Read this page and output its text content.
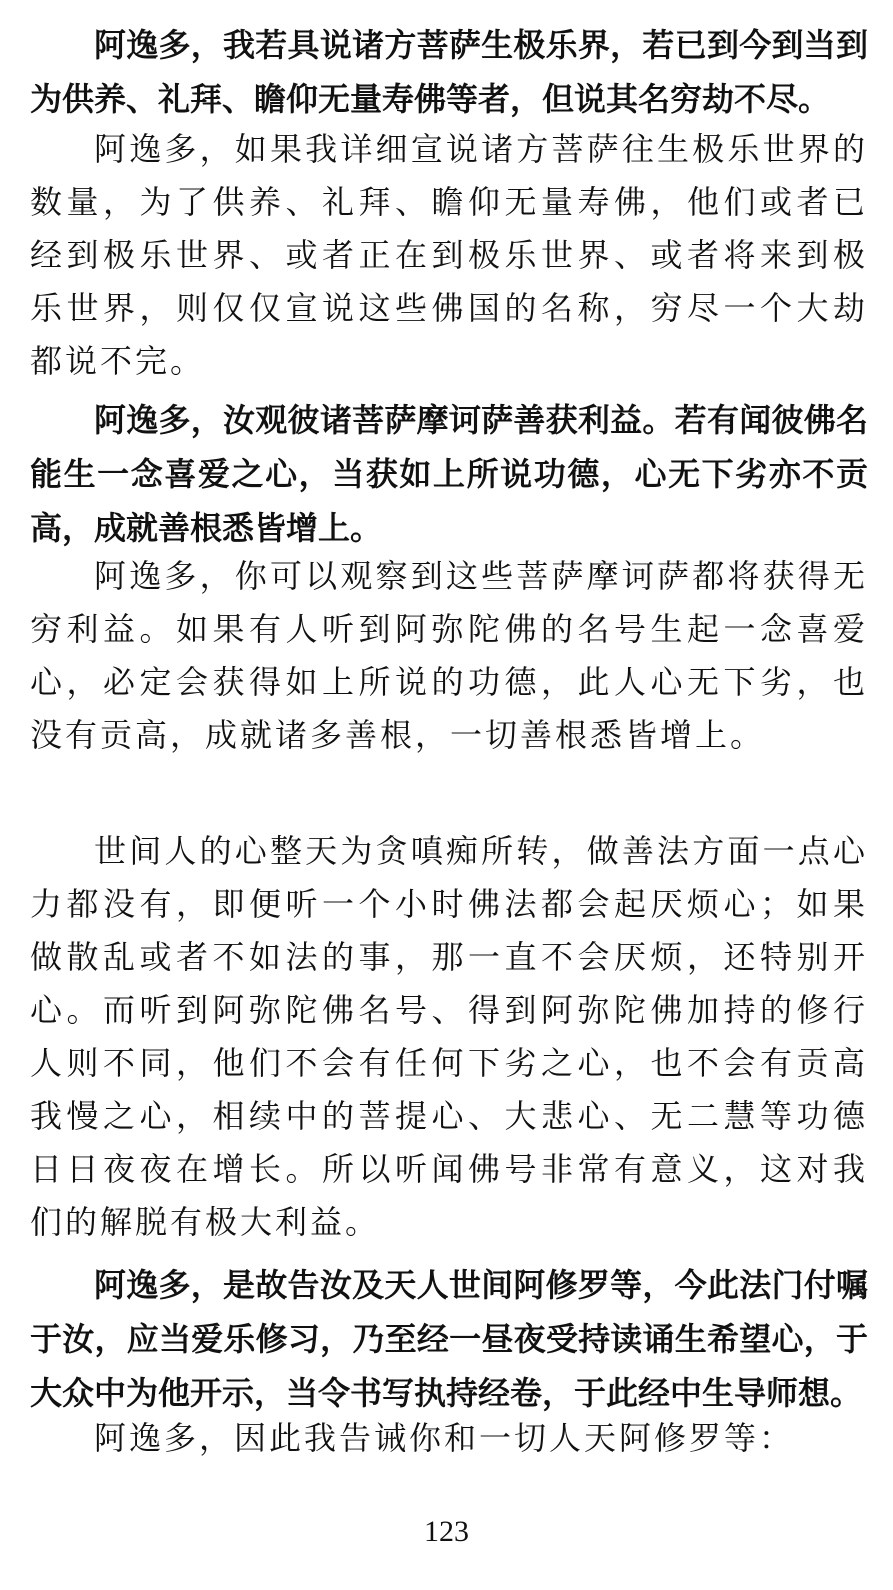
阿逸多，我若具说诸方菩萨生极乐界，若已到今到当到为供养、礼拜、瞻仰无量寿佛等者，但说其名穷劫不尽。

阿逸多，如果我详细宣说诸方菩萨往生极乐世界的数量，为了供养、礼拜、瞻仰无量寿佛，他们或者已经到极乐世界、或者正在到极乐世界、或者将来到极乐世界，则仅仅宣说这些佛国的名称，穷尽一个大劫都说不完。

阿逸多，汝观彼诸菩萨摩诃萨善获利益。若有闻彼佛名能生一念喜爱之心，当获如上所说功德，心无下劣亦不贡高，成就善根悉皆增上。

阿逸多，你可以观察到这些菩萨摩诃萨都将获得无穷利益。如果有人听到阿弥陀佛的名号生起一念喜爱心，必定会获得如上所说的功德，此人心无下劣，也没有贡高，成就诸多善根，一切善根悉皆增上。

世间人的心整天为贪嗔痴所转，做善法方面一点心力都没有，即便听一个小时佛法都会起厌烦心；如果做散乱或者不如法的事，那一直不会厌烦，还特别开心。而听到阿弥陀佛名号、得到阿弥陀佛加持的修行人则不同，他们不会有任何下劣之心，也不会有贡高我慢之心，相续中的菩提心、大悲心、无二慧等功德日日夜夜在增长。所以听闻佛号非常有意义，这对我们的解脱有极大利益。

阿逸多，是故告汝及天人世间阿修罗等，今此法门付嘱于汝，应当爱乐修习，乃至经一昼夜受持读诵生希望心，于大众中为他开示，当令书写执持经卷，于此经中生导师想。

阿逸多，因此我告诫你和一切人天阿修罗等：

123
